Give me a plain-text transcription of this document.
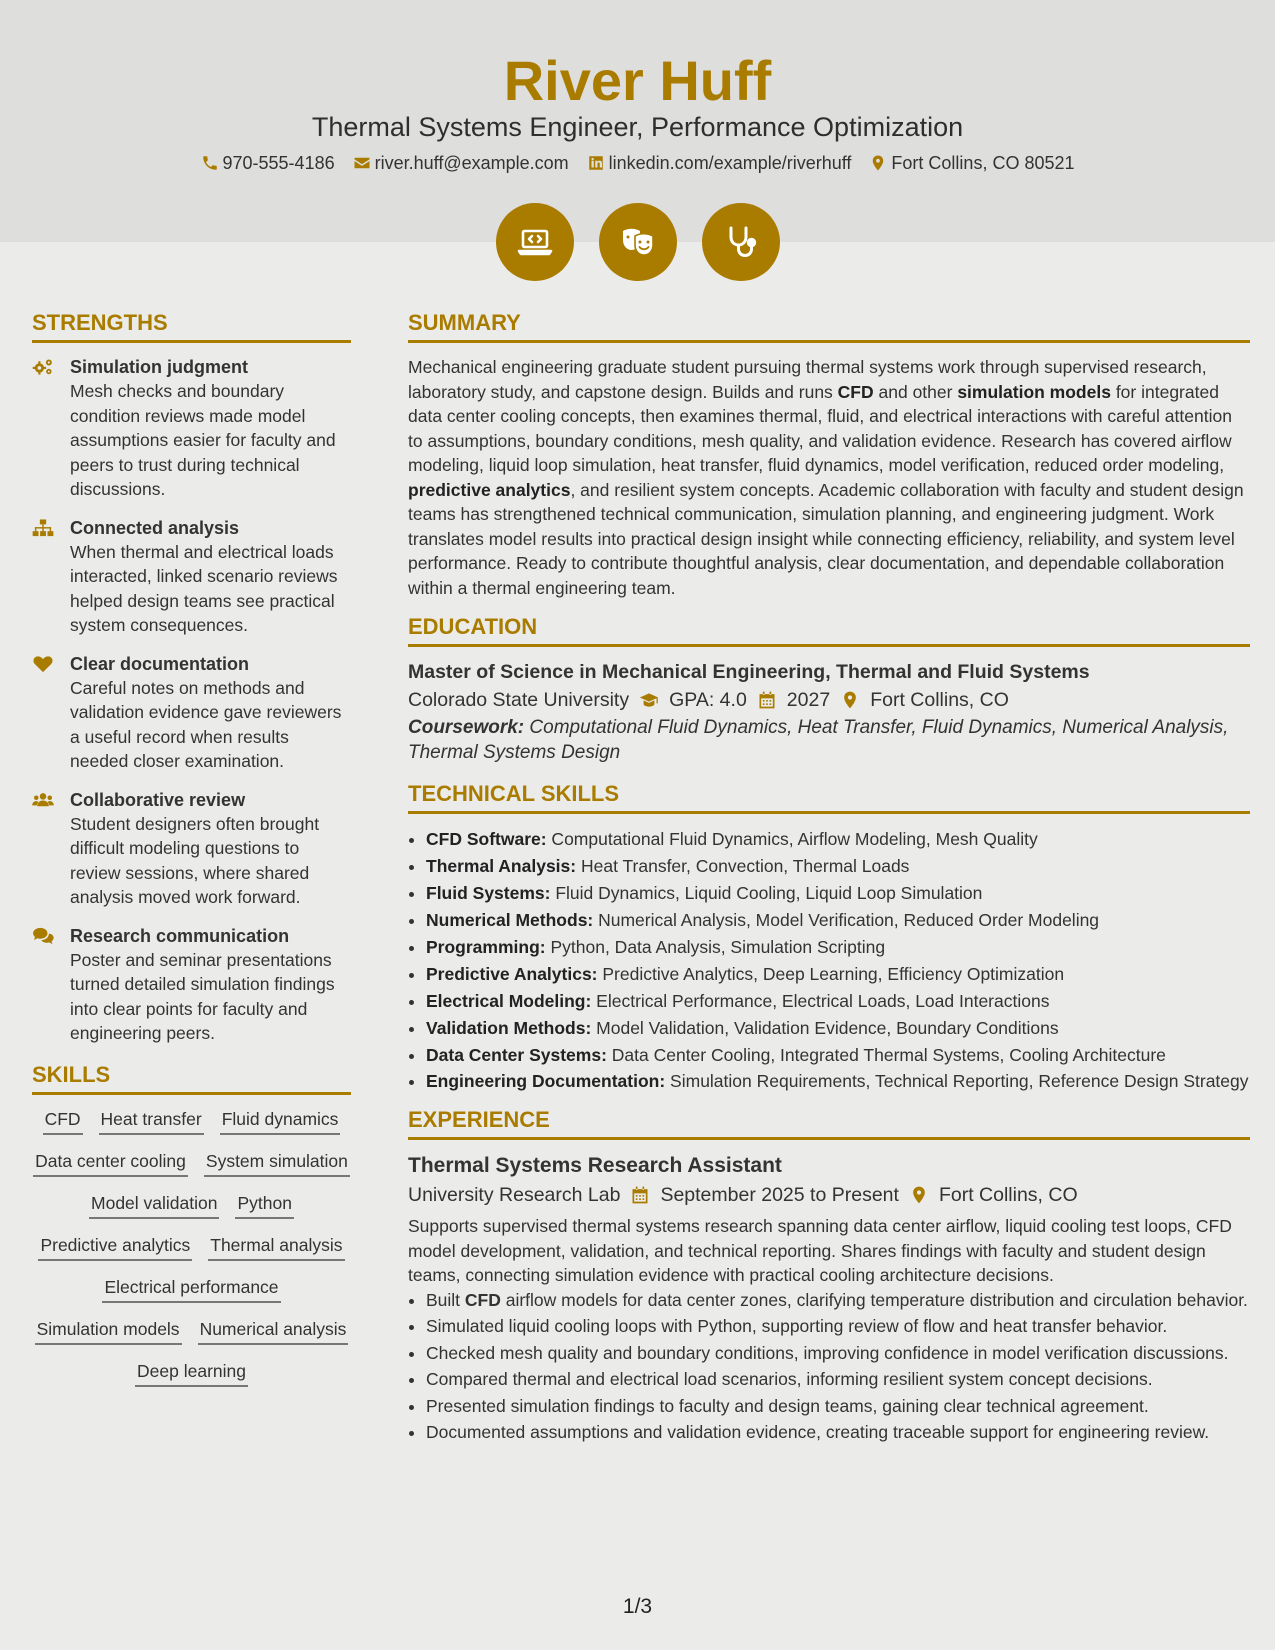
River Huff
Thermal Systems Engineer, Performance Optimization
970-555-4186 river.huff@example.com linkedin.com/example/riverhuff Fort Collins, CO 80521
STRENGTHS
Simulation judgment
Mesh checks and boundary condition reviews made model assumptions easier for faculty and peers to trust during technical discussions.
Connected analysis
When thermal and electrical loads interacted, linked scenario reviews helped design teams see practical system consequences.
Clear documentation
Careful notes on methods and validation evidence gave reviewers a useful record when results needed closer examination.
Collaborative review
Student designers often brought difficult modeling questions to review sessions, where shared analysis moved work forward.
Research communication
Poster and seminar presentations turned detailed simulation findings into clear points for faculty and engineering peers.
SKILLS
CFD Heat transfer Fluid dynamics
Data center cooling System simulation
Model validation Python
Predictive analytics Thermal analysis
Electrical performance
Simulation models Numerical analysis
Deep learning
SUMMARY

Mechanical engineering graduate student pursuing thermal systems work through supervised research, laboratory study, and capstone design. Builds and runs CFD and other simulation models for integrated data center cooling concepts, then examines thermal, fluid, and electrical interactions with careful attention to assumptions, boundary conditions, mesh quality, and validation evidence. Research has covered airflow modeling, liquid loop simulation, heat transfer, fluid dynamics, model verification, reduced order modeling, predictive analytics, and resilient system concepts. Academic collaboration with faculty and student design teams has strengthened technical communication, simulation planning, and engineering judgment. Work translates model results into practical design insight while connecting efficiency, reliability, and system level performance. Ready to contribute thoughtful analysis, clear documentation, and dependable collaboration within a thermal engineering team.

EDUCATION
Master of Science in Mechanical Engineering, Thermal and Fluid Systems
Colorado State University GPA: 4.0 2027 Fort Collins, CO

Coursework: Computational Fluid Dynamics, Heat Transfer, Fluid Dynamics, Numerical Analysis, Thermal Systems Design

TECHNICAL SKILLS
• CFD Software: Computational Fluid Dynamics, Airflow Modeling, Mesh Quality
• Thermal Analysis: Heat Transfer, Convection, Thermal Loads
• Fluid Systems: Fluid Dynamics, Liquid Cooling, Liquid Loop Simulation
• Numerical Methods: Numerical Analysis, Model Verification, Reduced Order Modeling
• Programming: Python, Data Analysis, Simulation Scripting
• Predictive Analytics: Predictive Analytics, Deep Learning, Efficiency Optimization
• Electrical Modeling: Electrical Performance, Electrical Loads, Load Interactions
• Validation Methods: Model Validation, Validation Evidence, Boundary Conditions
• Data Center Systems: Data Center Cooling, Integrated Thermal Systems, Cooling Architecture
• Engineering Documentation: Simulation Requirements, Technical Reporting, Reference Design Strategy
EXPERIENCE
Thermal Systems Research Assistant
University Research Lab September 2025 to Present Fort Collins, CO

Supports supervised thermal systems research spanning data center airflow, liquid cooling test loops, CFD model development, validation, and technical reporting. Shares findings with faculty and student design teams, connecting simulation evidence with practical cooling architecture decisions.

• Built CFD airflow models for data center zones, clarifying temperature distribution and circulation behavior.
• Simulated liquid cooling loops with Python, supporting review of flow and heat transfer behavior.
• Checked mesh quality and boundary conditions, improving confidence in model verification discussions.
• Compared thermal and electrical load scenarios, informing resilient system concept decisions.
• Presented simulation findings to faculty and design teams, gaining clear technical agreement.
• Documented assumptions and validation evidence, creating traceable support for engineering review.
1/3
